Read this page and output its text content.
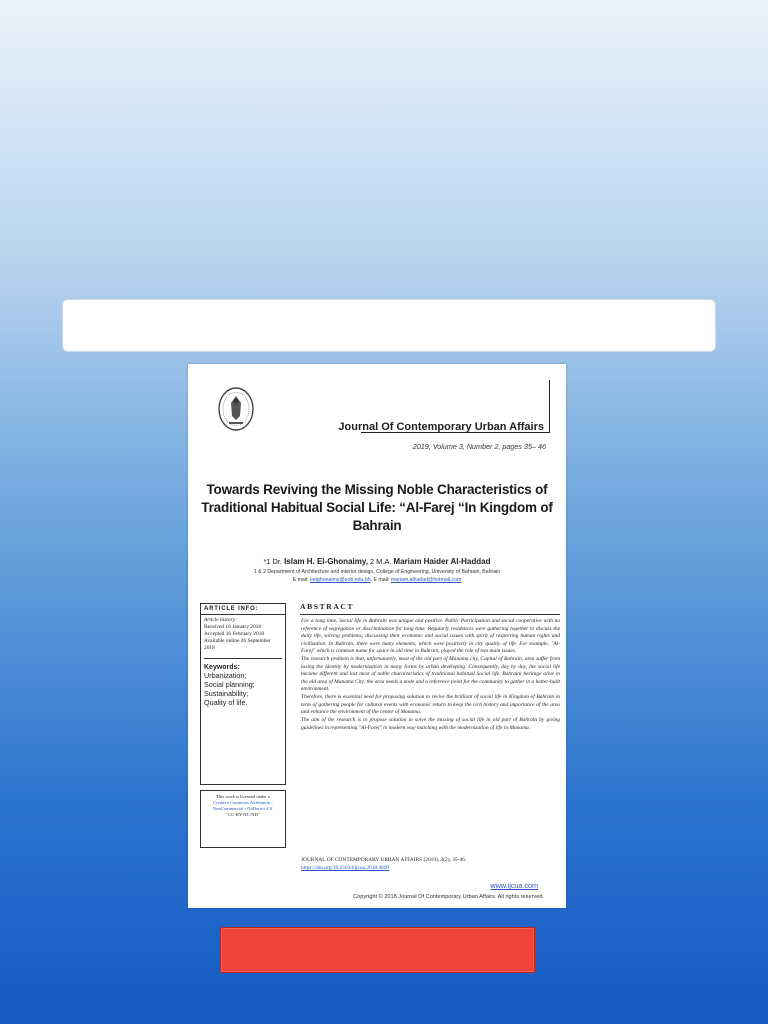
Journal Of Contemporary Urban Affairs
2019, Volume 3, Number 2, pages 35– 46
Towards Reviving the Missing Noble Characteristics of Traditional Habitual Social Life: “Al-Farej “In Kingdom of Bahrain
*1 Dr. Islam H. El-Ghonaimy, 2 M.A. Mariam Haider Al-Haddad
1 & 2 Department of Architecture and interior design, College of Engineering, University of Bahrain, Bahrain
E mail: eelghonaimy@uob.edu.bh, E mail: mariam.alhadad@hotmail.com
ARTICLE INFO:
Article history:
Received 16 January 2018
Accepted 16 February 2018
Available online 26 September 2018
Keywords:
Urbanization;
Social planning;
Sustainability;
Quality of life.
This work is licensed under a
Creative Commons Attribution - NonCommercial - NoDerivs 4.0.
"CC-BY-NC-ND"
ABSTRACT

For a long time, Social life in Bahrain was unique and positive. Public Participation and social cooperative with no reference of segregation or discrimination for long time. Regularly residences were gathering together to discuss the daily life, solving problems, discussing their economic and social issues with spirit of respecting human rights and civilization. In Bahrain, there were many elements, which were positively in city quality of life. For example, "Al-Farej" which is common name for space in old time in Bahrain, played the role of two main issues.

The research problem is that, unfortunately, most of the old part of Manama city, Capital of Bahrain, area suffer from losing the identity by modernization in many forms by urban developing. Consequently, day by day, the social life became different and lost most of noble characteristics of traditional habitual Social life. Bahraini heritage alive in the old area of Manama City, the area needs a node and a reference point for the community to gather in a better-built environment.

Therefore, there is essential need for proposing solution to revive the brilliant of social life in Kingdom of Bahrain in term of gathering people for cultural events with economic return to keep the rich history and importance of the area and enhance the environment of the center of Manama.

The aim of the research is to propose solution to solve the missing of social life in old part of Bahrain by giving guidelines in representing "Al-Farej" in modern way matching with the modernization of life in Manama.

JOURNAL OF CONTEMPORARY URBAN AFFAIRS (2019), 3(2), 35-46.
https://doi.org/10.25034/ijcua.2018.4699
www.ijcua.com
Copyright © 2018 Journal Of Contemporary Urban Affairs. All rights reserved.
